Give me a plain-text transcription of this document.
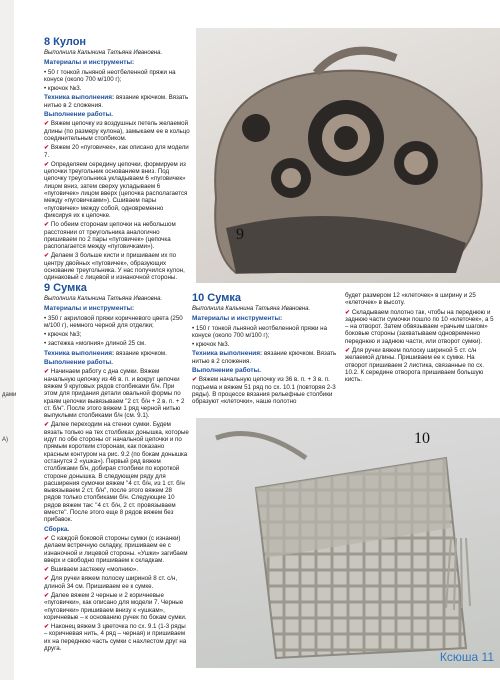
дами
A)

8 Кулон

Выполнила Калынина Татьяна Ивановна.

Материалы и инструменты:

• 50 г тонкой льняной неотбеленной пряжи на конусе (около 700 м/100 г);

• крючок №3.

Техника выполнения: вязание крючком. Вязать нитью в 2 сложения.

Выполнение работы.

✔ Вяжем цепочку из воздушных петель желаемой длины (по размеру кулона), замыкаем ее в кольцо соединительным столбиком.

✔ Вяжем 20 «пуговичек», как описано для модели 7.

✔ Определяем середину цепочки, формируем из цепочки треугольник основанием вниз. Под цепочку треугольника укладываем 6 «пуговичек» лицом вниз, затем сверху укладываем 6 «пуговичек» лицом вверх (цепочка располагается между «пуговичками»). Сшиваем пары «пуговичек» между собой, одновременно фиксируя их к цепочке.

✔ По обеим сторонам цепочки на небольшом расстоянии от треугольника аналогично пришиваем по 2 пары «пуговичек» (цепочка располагается между «пуговичками»).

✔ Делаем 3 больше кисти и пришиваем их по центру двойных «пуговичек», образующих основание треугольника. У нас получился кулон, одинаковый с лицевой и изнаночной стороны.

9

9 Сумка

Выполнила Калынина Татьяна Ивановна.

Материалы и инструменты:

• 350 г акриловой пряжи коричневого цвета (250 м/100 г), немного черной для отделки;

• крючок №3;

• застежка «молния» длиной 25 см.

Техника выполнения: вязание крючком.

Выполнение работы.

✔ Начинаем работу с дна сумки. Вяжем начальную цепочку из 46 в. п. и вокруг цепочки вяжем 9 круговых рядов столбиками б/н. При этом для придания детали овальной формы по краям цепочки вывязываем "2 ст. б/н + 2 в. п. + 2 ст. б/н". После этого вяжем 1 ряд черной нитью выпуклыми столбиками б/н (см. 9.1).

✔ Далее переходим на стенки сумки. Будем вязать только на тех столбиках донышка, которые идут по обе стороны от начальной цепочки и по прямым коротким сторонам, как показано красным контуром на рис. 9.2 (по бокам донышка останутся 2 «ушка»). Первый ряд вяжем столбиками б/н, добирая столбики по короткой стороне донышка. В следующем ряду для расширения сумочки вяжем "4 ст. б/н, из 1 ст. б/н вывязываем 2 ст. б/н", после этого вяжем 28 рядов только столбиками б/н. Следующие 10 рядов вяжем так: "4 ст. б/н, 2 ст. провязываем вместе". После этого еще 8 рядов вяжем без прибавок.

Сборка.

✔ С каждой боковой стороны сумки (с изнанки) делаем встречную складку, пришиваем ее с изнаночной и лицевой стороны. «Ушки» загибаем вверх и свободно пришиваем к складкам.

✔ Вшиваем застежку «молнию».

✔ Для ручки вяжем полоску шириной 8 ст. с/н, длиной 34 см. Пришиваем ее к сумке.

✔ Далее вяжем 2 черные и 2 коричневые «пуговички», как описано для модели 7. Черные «пуговички» пришиваем внизу к «ушкам», коричневые – к основанию ручек по бокам сумки.

✔ Наконец вяжем 3 цветочка по сх. 9.1 (1-3 ряды – коричневая нить, 4 ряд – черная) и пришиваем их на переднюю часть сумки с нахлестом друг на друга.

10 Сумка

Выполнила Калынина Татьяна Ивановна.

Материалы и инструменты:

• 150 г тонкой льняной неотбеленной пряжи на конусе (около 700 м/100 г);

• крючок №3.

Техника выполнения: вязание крючком. Вязать нитью в 2 сложения.

Выполнение работы.

✔ Вяжем начальную цепочку из 36 в. п. + 3 в. п. подъема и вяжем 51 ряд по сх. 10.1 (повторяя 2-3 ряды). В процессе вязания рельефные столбики образуют «клеточки», наше полотно

будет размером 12 «клеточек» в ширину и 25 «клеточек» в высоту.

✔ Складываем полотно так, чтобы на переднюю и заднюю части сумочки пошло по 10 «клеточек», а 5 – на отворот. Затем обвязываем «рачьим шагом» боковые стороны (захватываем одновременно переднюю и заднюю части, или отворот сумки).

✔ Для ручки вяжем полоску шириной 5 ст. с/н желаемой длины. Пришиваем ее к сумке. На отворот пришиваем 2 листика, связанные по сх. 10.2. К середине отворота пришиваем большую кисть.

10
Ксюша 11
